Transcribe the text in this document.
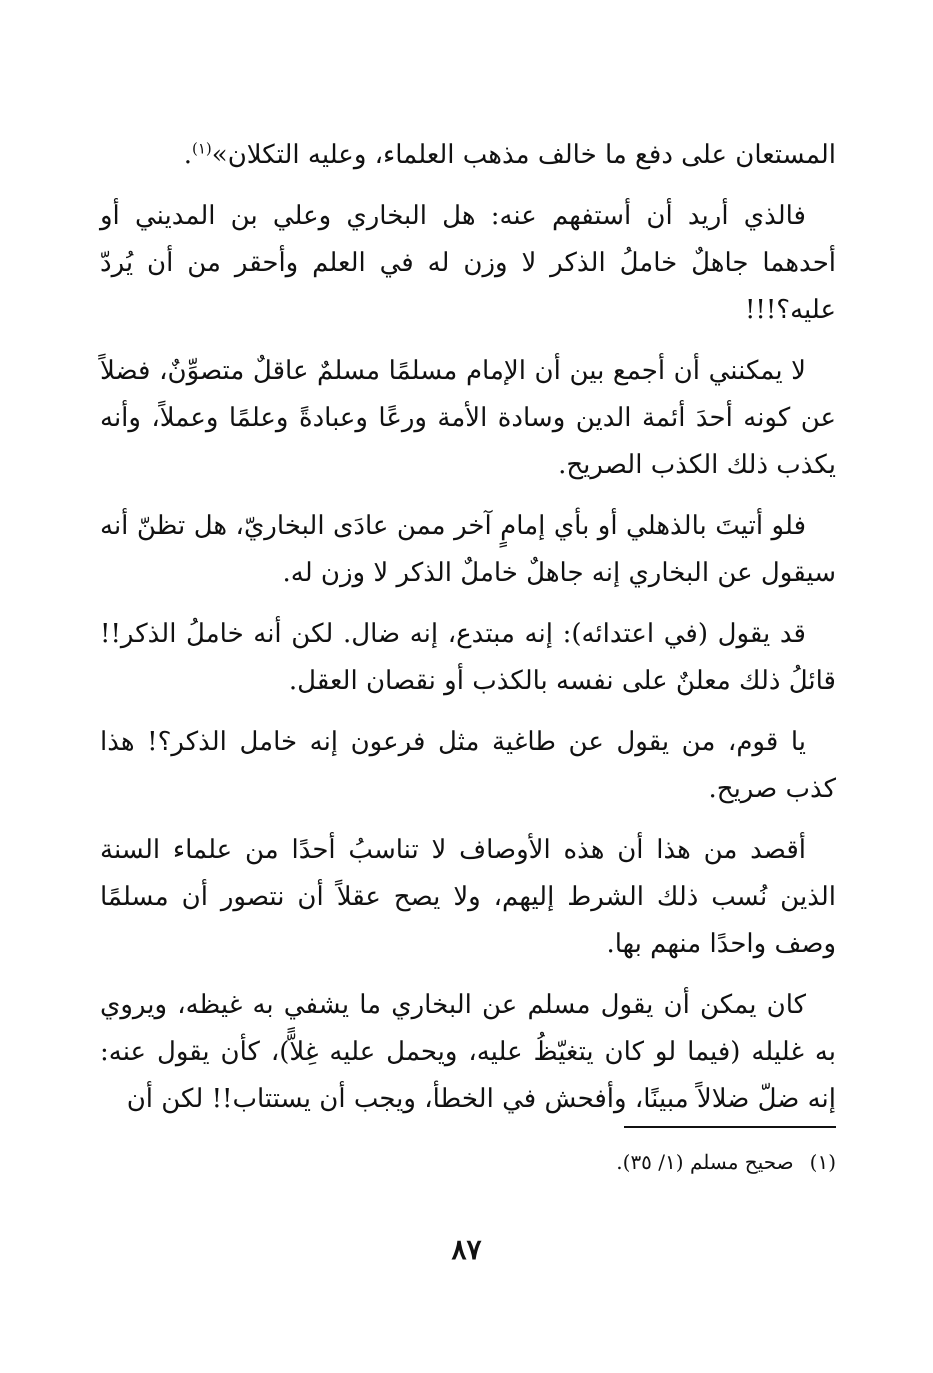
المستعان على دفع ما خالف مذهب العلماء، وعليه التكلان»$^{(١)}$.

فالذي أريد أن أستفهم عنه: هل البخاري وعلي بن المديني أو أحدهما جاهلٌ خاملُ الذكر لا وزن له في العلم وأحقر من أن يُردّ عليه؟!!!

لا يمكنني أن أجمع بين أن الإمام مسلمًا مسلمٌ عاقلٌ متصوِّنٌ، فضلاً عن كونه أحدَ أئمة الدين وسادة الأمة ورعًا وعبادةً وعلمًا وعملاً، وأنه يكذب ذلك الكذب الصريح.

فلو أتيتَ بالذهلي أو بأي إمامٍ آخر ممن عادَى البخاريّ، هل تظنّ أنه سيقول عن البخاري إنه جاهلٌ خاملٌ الذكر لا وزن له.

قد يقول (في اعتدائه): إنه مبتدع، إنه ضال. لكن أنه خاملُ الذكر!! قائلُ ذلك معلنٌ على نفسه بالكذب أو نقصان العقل.

يا قوم، من يقول عن طاغية مثل فرعون إنه خامل الذكر؟! هذا كذب صريح.

أقصد من هذا أن هذه الأوصاف لا تناسبُ أحدًا من علماء السنة الذين نُسب ذلك الشرط إليهم، ولا يصح عقلاً أن نتصور أن مسلمًا وصف واحدًا منهم بها.

كان يمكن أن يقول مسلم عن البخاري ما يشفي به غيظه، ويروي به غليله (فيما لو كان يتغيّظُ عليه، ويحمل عليه غِلاًّ)، كأن يقول عنه: إنه ضلّ ضلالاً مبينًا، وأفحش في الخطأ، ويجب أن يستتاب!! لكن أن

(١)صحيح مسلم (١/ ٣٥).
٨٧
